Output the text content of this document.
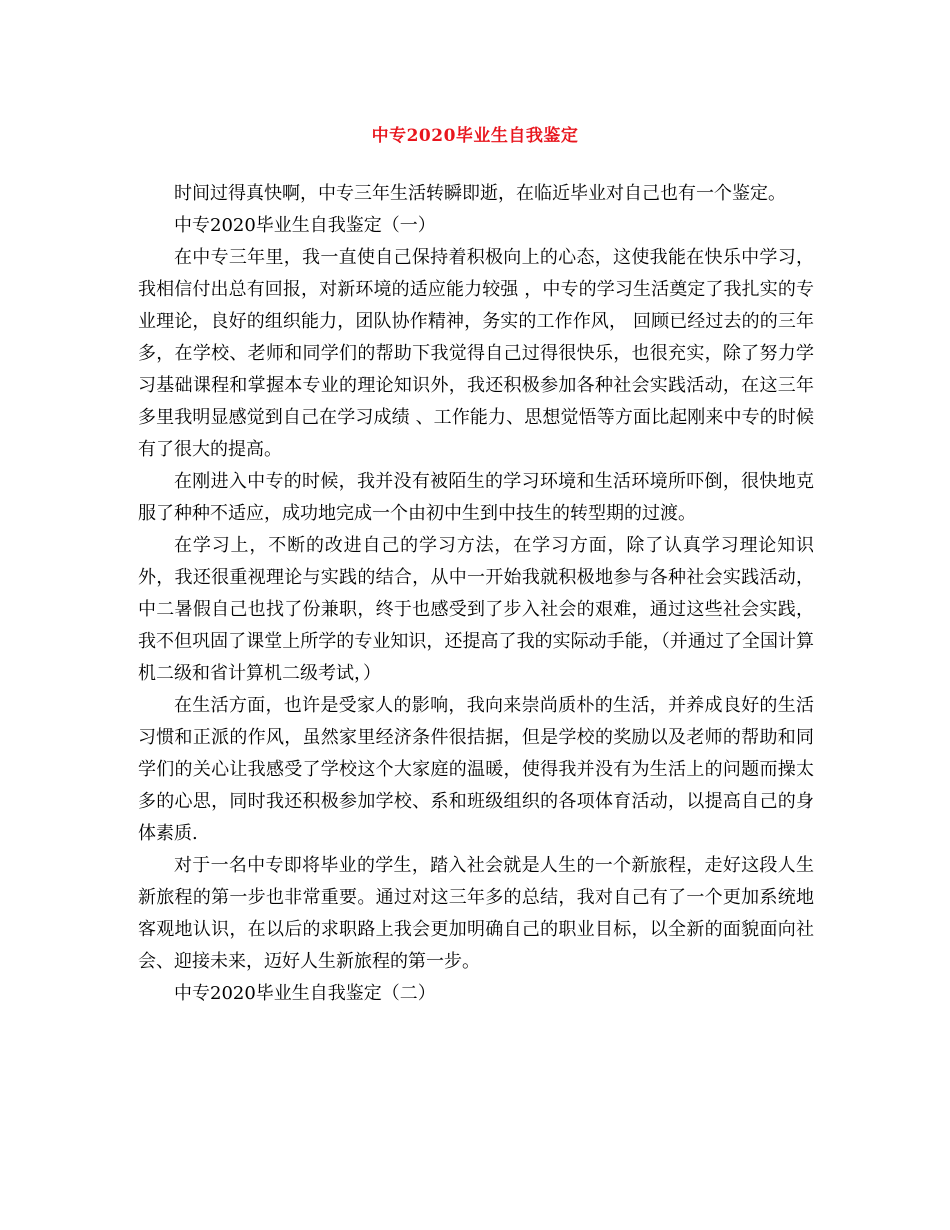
中专2020毕业生自我鉴定

时间过得真快啊，中专三年生活转瞬即逝，在临近毕业对自己也有一个鉴定。

中专2020毕业生自我鉴定（一）

在中专三年里，我一直使自己保持着积极向上的心态，这使我能在快乐中学习，我相信付出总有回报，对新环境的适应能力较强 ，中专的学习生活奠定了我扎实的专业理论，良好的组织能力，团队协作精神，务实的工作作风， 回顾已经过去的的三年多，在学校、老师和同学们的帮助下我觉得自己过得很快乐，也很充实，除了努力学习基础课程和掌握本专业的理论知识外，我还积极参加各种社会实践活动，在这三年多里我明显感觉到自己在学习成绩 、工作能力、思想觉悟等方面比起刚来中专的时候有了很大的提高。

在刚进入中专的时候，我并没有被陌生的学习环境和生活环境所吓倒，很快地克服了种种不适应，成功地完成一个由初中生到中技生的转型期的过渡。

在学习上，不断的改进自己的学习方法，在学习方面，除了认真学习理论知识外，我还很重视理论与实践的结合，从中一开始我就积极地参与各种社会实践活动，中二暑假自己也找了份兼职，终于也感受到了步入社会的艰难，通过这些社会实践，我不但巩固了课堂上所学的专业知识，还提高了我的实际动手能，（并通过了全国计算机二级和省计算机二级考试，）

在生活方面，也许是受家人的影响，我向来崇尚质朴的生活，并养成良好的生活习惯和正派的作风，虽然家里经济条件很拮据，但是学校的奖励以及老师的帮助和同学们的关心让我感受了学校这个大家庭的温暖，使得我并没有为生活上的问题而操太多的心思，同时我还积极参加学校、系和班级组织的各项体育活动，以提高自己的身体素质.

对于一名中专即将毕业的学生，踏入社会就是人生的一个新旅程，走好这段人生新旅程的第一步也非常重要。通过对这三年多的总结，我对自己有了一个更加系统地客观地认识，在以后的求职路上我会更加明确自己的职业目标，以全新的面貌面向社会、迎接未来，迈好人生新旅程的第一步。

中专2020毕业生自我鉴定（二）
